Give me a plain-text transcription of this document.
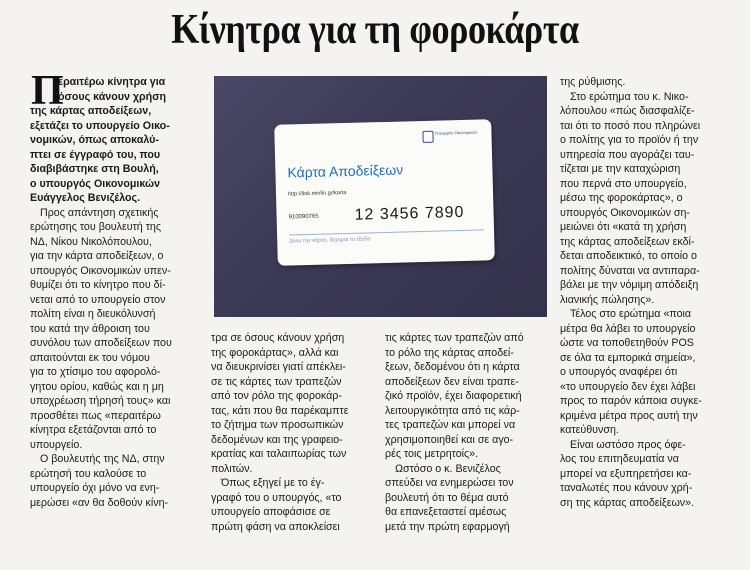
Κίνητρα για τη φοροκάρτα
Π
εραιτέρω κίνητρα για
όσους κάνουν χρήση
της κάρτας αποδείξεων,
εξετάζει το υπουργείο Οικο-
νομικών, όπως αποκαλύ-
πτει σε έγγραφό του, που
διαβιβάστηκε στη Βουλή,
ο υπουργός Οικονομικών
Ευάγγελος Βενιζέλος.
Προς απάντηση σχετικής
ερώτησης του βουλευτή της
ΝΔ, Νίκου Νικολόπουλου,
για την κάρτα αποδείξεων, ο
υπουργός Οικονομικών υπεν-
θυμίζει ότι το κίνητρο που δί-
νεται από το υπουργείο στον
πολίτη είναι η διευκόλυνσή
του κατά την άθροιση του
συνόλου των αποδείξεων που
απαιτούνται εκ του νόμου
για το χτίσιμο του αφορολό-
γητου ορίου, καθώς και η μη
υποχρέωση τήρησή τους» και
προσθέτει πως «περαιτέρω
κίνητρα εξετάζονται από το
υπουργείο.
Ο βουλευτής της ΝΔ, στην
ερώτησή του καλούσε το
υπουργείο όχι μόνο να ενη-
μερώσει «αν θα δοθούν κίνη-
τρα σε όσους κάνουν χρήση
της φοροκάρτας», αλλά και
να διευκρινίσει γιατί απέκλει-
σε τις κάρτες των τραπεζών
από τον ρόλο της φοροκάρ-
τας, κάτι που θα παρέκαμπτε
το ζήτημα των προσωπικών
δεδομένων και της γραφειο-
κρατίας και ταλαιπωρίας των
πολιτών.
Όπως εξηγεί με το έγ-
γραφό του ο υπουργός, «το
υπουργείο αποφάσισε σε
πρώτη φάση να αποκλείσει
τις κάρτες των τραπεζών από
το ρόλο της κάρτας αποδεί-
ξεων, δεδομένου ότι η κάρτα
αποδείξεων δεν είναι τραπε-
ζικό προϊόν, έχει διαφορετική
λειτουργικότητα από τις κάρ-
τες τραπεζών και μπορεί να
χρησιμοποιηθεί και σε αγο-
ρές τοις μετρητοίς».
Ωστόσο ο κ. Βενιζέλος
σπεύδει να ενημερώσει τον
βουλευτή ότι το θέμα αυτό
θα επανεξεταστεί αμέσως
μετά την πρώτη εφαρμογή
της ρύθμισης.
Στο ερώτημα του κ. Νικο-
λόπουλου «πώς διασφαλίζε-
ται ότι το ποσό που πληρώνει
ο πολίτης για το προϊόν ή την
υπηρεσία που αγοράζει ταυ-
τίζεται με την καταχώριση
που περνά στο υπουργείο,
μέσω της φοροκάρτας», ο
υπουργός Οικονομικών ση-
μειώνει ότι «κατά τη χρήση
της κάρτας αποδείξεων εκδί-
δεται αποδεικτικό, το οποίο ο
πολίτης δύναται να αντιπαρα-
βάλει με την νόμιμη απόδειξη
λιανικής πώλησης».
Τέλος στο ερώτημα «ποια
μέτρα θα λάβει το υπουργείο
ώστε να τοποθετηθούν POS
σε όλα τα εμπορικά σημεία»,
ο υπουργός αναφέρει ότι
«το υπουργείο δεν έχει λάβει
προς το παρόν κάποια συγκε-
κριμένα μέτρα προς αυτή την
κατεύθυνση.
Είναι ωστόσο προς όφε-
λος του επιτηδευματία να
μπορεί να εξυπηρετήσει κα-
ταναλωτές που κάνουν χρή-
ση της κάρτας αποδείξεων».
Υπουργείο Οικονομικών
Κάρτα Αποδείξεων
http://link.minfin.gr/karta
910090765 12 3456 7890
Δίνω την κάρτα, δέχομαι το έξοδο
